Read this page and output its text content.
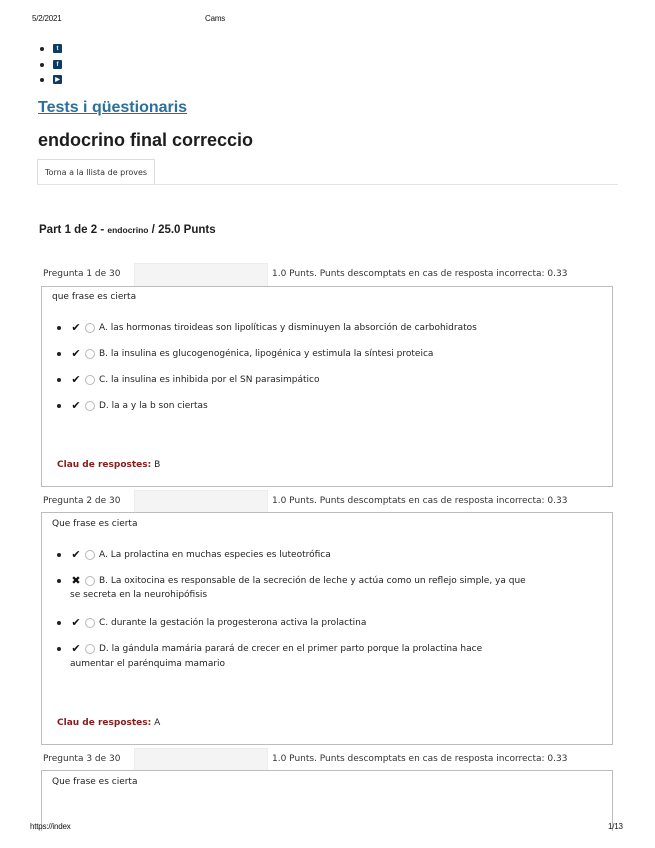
5/2/2021	Cams
t
f
▶
Tests i qüestionaris
endocrino final correccio
Torna a la llista de proves
Part 1 de 2 - endocrino / 25.0 Punts
Pregunta 1 de 30	1.0 Punts. Punts descomptats en cas de resposta incorrecta: 0.33
que frase es cierta
✔ A. las hormonas tiroideas son lipolíticas y disminuyen la absorción de carbohidratos
✔ B. la insulina es glucogenogénica, lipogénica y estimula la síntesi proteica
✔ C. la insulina es inhibida por el SN parasimpático
✔ D. la a y la b son ciertas
Clau de respostes: B
Pregunta 2 de 30	1.0 Punts. Punts descomptats en cas de resposta incorrecta: 0.33
Que frase es cierta
✔ A. La prolactina en muchas especies es luteotrófica
✖ B. La oxitocina es responsable de la secreción de leche y actúa como un reflejo simple, ya que
se secreta en la neurohipófisis
✔ C. durante la gestación la progesterona activa la prolactina
✔ D. la gándula mamária parará de crecer en el primer parto porque la prolactina hace
aumentar el parénquima mamario
Clau de respostes: A
Pregunta 3 de 30	1.0 Punts. Punts descomptats en cas de resposta incorrecta: 0.33
Que frase es cierta
https://index	1/13
